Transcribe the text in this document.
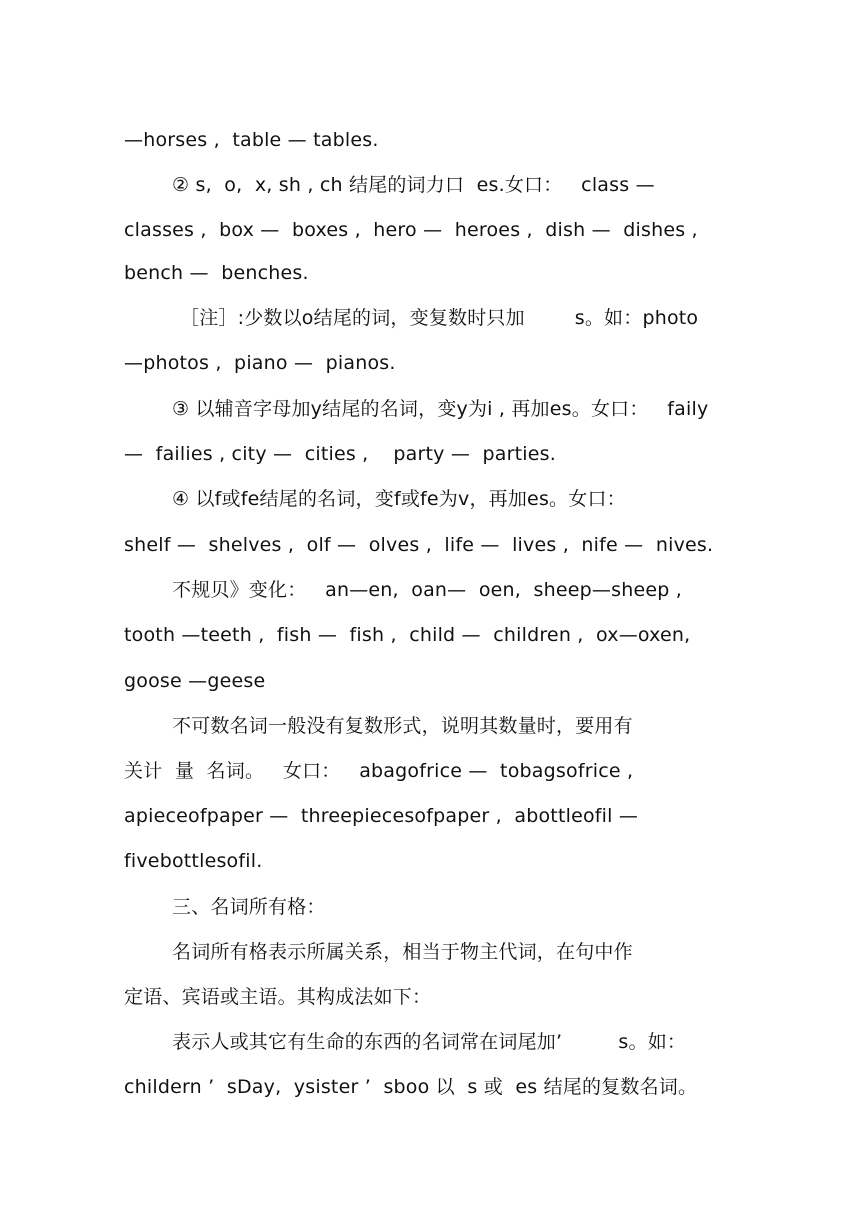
—horses ,  table — tables.
② s,  o,  x, sh , ch 结尾的词力口  es.女口：   class —
classes ,  box —  boxes ,  hero —  heroes ,  dish —  dishes ,
bench —  benches.
［注］:少数以o结尾的词，变复数时只加        s。如：photo
—photos ,  piano —  pianos.
③ 以辅音字母加y结尾的名词，变y为i , 再加es。女口：   faily
—  failies , city —  cities ,    party —  parties.
④ 以f或fe结尾的名词，变f或fe为v，再加es。女口：
shelf —  shelves ,  olf —  olves ,  life —  lives ,  nife —  nives.
不规贝》变化：   an—en,  oan—  oen,  sheep—sheep ,
tooth —teeth ,  fish —  fish ,  child —  children ,  ox—oxen,
goose —geese
不可数名词一般没有复数形式，说明其数量时，要用有
关计  量  名词。   女口：   abagofrice —  tobagsofrice ,
apieceofpaper —  threepiecesofpaper ,  abottleofil —
fivebottlesofil.
三、名词所有格：
名词所有格表示所属关系，相当于物主代词，在句中作
定语、宾语或主语。其构成法如下：
表示人或其它有生命的东西的名词常在词尾加’         s。如：
childern ’  sDay,  ysister ’  sboo 以  s 或  es 结尾的复数名词。
